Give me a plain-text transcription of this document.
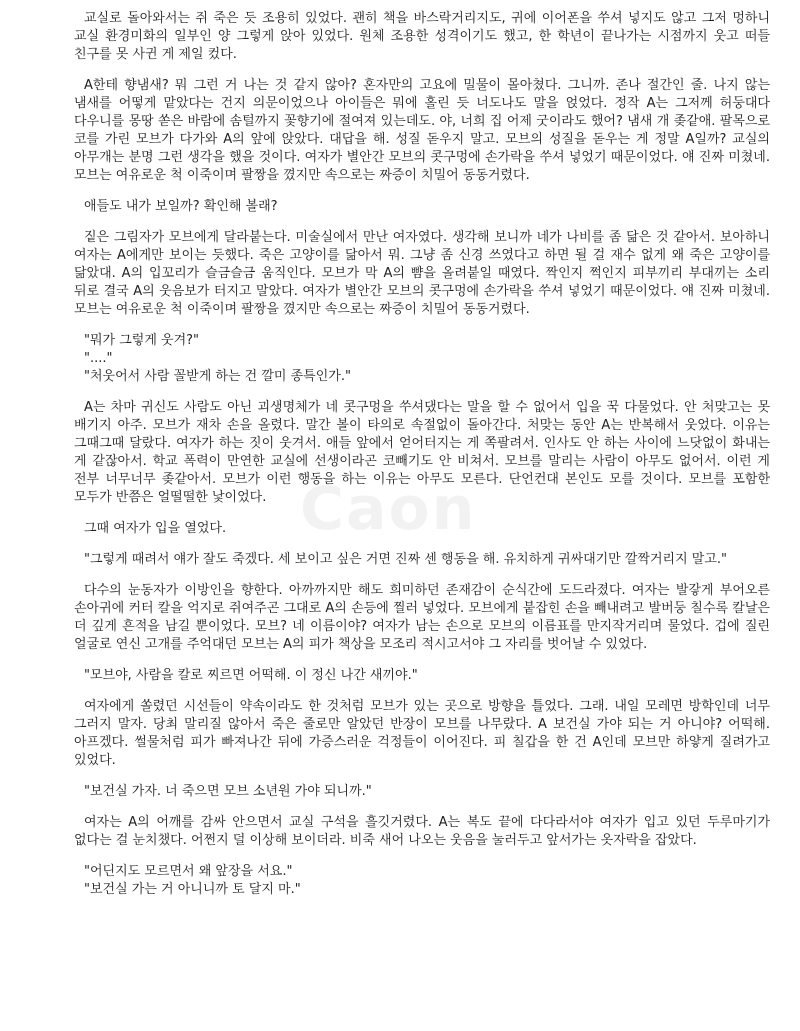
Caon

교실로 돌아와서는 쥐 죽은 듯 조용히 있었다. 괜히 책을 바스락거리지도, 귀에 이어폰을 쑤셔 넣지도 않고 그저 멍하니 교실 환경미화의 일부인 양 그렇게 앉아 있었다. 원체 조용한 성격이기도 했고, 한 학년이 끝나가는 시점까지 웃고 떠들 친구를 못 사귄 게 제일 컸다.

A한테 향냄새? 뭐 그런 거 나는 것 같지 않아? 혼자만의 고요에 밀물이 몰아쳤다. 그니까. 존나 절간인 줄. 나지 않는 냄새를 어떻게 맡았다는 건지 의문이었으나 아이들은 뭐에 홀린 듯 너도나도 말을 얹었다. 정작 A는 그저께 허둥대다 다우니를 몽땅 쏟은 바람에 솜털까지 꽃향기에 절여져 있는데도. 야, 너희 집 어제 굿이라도 했어? 냄새 개 좆같애. 팔목으로 코를 가린 모브가 다가와 A의 앞에 앉았다. 대답을 해. 성질 돋우지 말고. 모브의 성질을 돋우는 게 정말 A일까? 교실의 아무개는 분명 그런 생각을 했을 것이다. 여자가 별안간 모브의 콧구멍에 손가락을 쑤셔 넣었기 때문이었다. 얘 진짜 미쳤네. 모브는 여유로운 척 이죽이며 팔짱을 꼈지만 속으로는 짜증이 치밀어 동동거렸다.

애들도 내가 보일까? 확인해 볼래?

짙은 그림자가 모브에게 달라붙는다. 미술실에서 만난 여자였다. 생각해 보니까 네가 나비를 좀 닮은 것 같아서. 보아하니 여자는 A에게만 보이는 듯했다. 죽은 고양이를 닮아서 뭐. 그냥 좀 신경 쓰였다고 하면 될 걸 재수 없게 왜 죽은 고양이를 닮았대. A의 입꼬리가 슬금슬금 움직인다. 모브가 막 A의 뺨을 올려붙일 때였다. 짝인지 쩍인지 피부끼리 부대끼는 소리 뒤로 결국 A의 웃음보가 터지고 말았다. 여자가 별안간 모브의 콧구멍에 손가락을 쑤셔 넣었기 때문이었다. 얘 진짜 미쳤네. 모브는 여유로운 척 이죽이며 팔짱을 꼈지만 속으로는 짜증이 치밀어 동동거렸다.

"뭐가 그렇게 웃겨?"

"...."

"처웃어서 사람 꼴받게 하는 건 깔미 종특인가."

A는 차마 귀신도 사람도 아닌 괴생명체가 네 콧구멍을 쑤셔댔다는 말을 할 수 없어서 입을 꾹 다물었다. 안 처맞고는 못 배기지 아주. 모브가 재차 손을 올렸다. 말간 볼이 타의로 속절없이 돌아간다. 처맞는 동안 A는 반복해서 웃었다. 이유는 그때그때 달랐다. 여자가 하는 짓이 웃겨서. 애들 앞에서 얻어터지는 게 쪽팔려서. 인사도 안 하는 사이에 느닷없이 화내는 게 같잖아서. 학교 폭력이 만연한 교실에 선생이라곤 코빼기도 안 비쳐서. 모브를 말리는 사람이 아무도 없어서. 이런 게 전부 너무너무 좆같아서. 모브가 이런 행동을 하는 이유는 아무도 모른다. 단언컨대 본인도 모를 것이다. 모브를 포함한 모두가 반쯤은 얼떨떨한 낯이었다.

그때 여자가 입을 열었다.

"그렇게 때려서 얘가 잘도 죽겠다. 세 보이고 싶은 거면 진짜 센 행동을 해. 유치하게 귀싸대기만 깔짝거리지 말고."

다수의 눈동자가 이방인을 향한다. 아까까지만 해도 희미하던 존재감이 순식간에 도드라졌다. 여자는 발갛게 부어오른 손아귀에 커터 칼을 억지로 쥐여주곤 그대로 A의 손등에 찔러 넣었다. 모브에게 붙잡힌 손을 빼내려고 발버둥 칠수록 칼날은 더 깊게 흔적을 남길 뿐이었다. 모브? 네 이름이야? 여자가 남는 손으로 모브의 이름표를 만지작거리며 물었다. 겁에 질린 얼굴로 연신 고개를 주억대던 모브는 A의 피가 책상을 모조리 적시고서야 그 자리를 벗어날 수 있었다.

"모브야, 사람을 칼로 찌르면 어떡해. 이 정신 나간 새끼야."

여자에게 쏠렸던 시선들이 약속이라도 한 것처럼 모브가 있는 곳으로 방향을 틀었다. 그래. 내일 모레면 방학인데 너무 그러지 말자. 당최 말리질 않아서 죽은 줄로만 알았던 반장이 모브를 나무랐다. A 보건실 가야 되는 거 아니야? 어떡해. 아프겠다. 썰물처럼 피가 빠져나간 뒤에 가증스러운 걱정들이 이어진다. 피 칠갑을 한 건 A인데 모브만 하얗게 질려가고 있었다.

"보건실 가자. 너 죽으면 모브 소년원 가야 되니까."

여자는 A의 어깨를 감싸 안으면서 교실 구석을 흘깃거렸다. A는 복도 끝에 다다라서야 여자가 입고 있던 두루마기가 없다는 걸 눈치챘다. 어쩐지 덜 이상해 보이더라. 비죽 새어 나오는 웃음을 눌러두고 앞서가는 옷자락을 잡았다.

"어딘지도 모르면서 왜 앞장을 서요."

"보건실 가는 거 아니니까 토 달지 마."
